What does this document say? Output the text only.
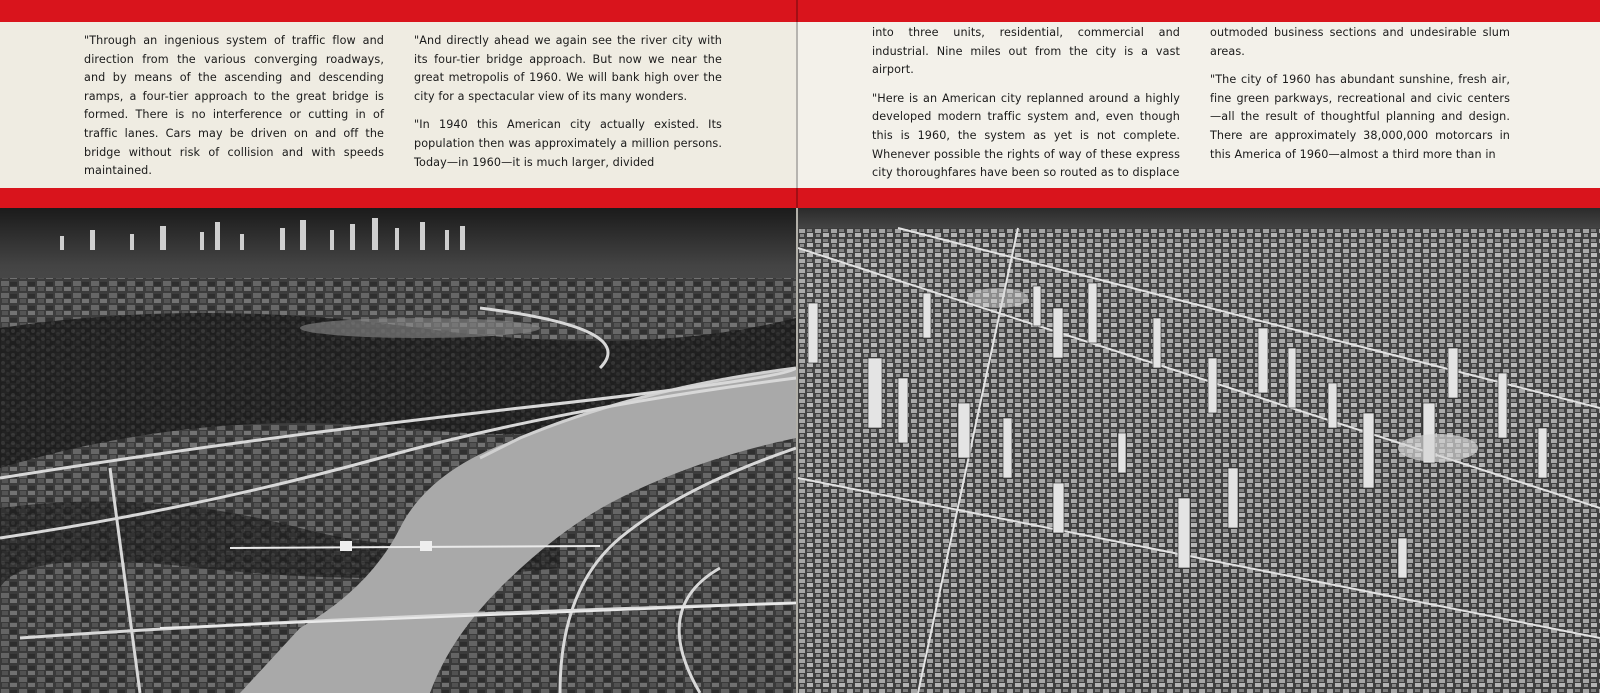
"Through an ingenious system of traffic flow and direction from the various converging roadways, and by means of the ascending and descending ramps, a four-tier approach to the great bridge is formed. There is no interference or cutting in of traffic lanes. Cars may be driven on and off the bridge without risk of collision and with speeds maintained.

"And directly ahead we again see the river city with its four-tier bridge approach. But now we near the great metropolis of 1960. We will bank high over the city for a spectacular view of its many wonders.

"In 1940 this American city actually existed. Its population then was approximately a million persons. Today—in 1960—it is much larger, divided

into three units, residential, commercial and industrial. Nine miles out from the city is a vast airport.

"Here is an American city replanned around a highly developed modern traffic system and, even though this is 1960, the system as yet is not complete. Whenever possible the rights of way of these express city thoroughfares have been so routed as to displace

outmoded business sections and undesirable slum areas.

"The city of 1960 has abundant sunshine, fresh air, fine green parkways, recreational and civic centers—all the result of thoughtful planning and design. There are approximately 38,000,000 motorcars in this America of 1960—almost a third more than in
